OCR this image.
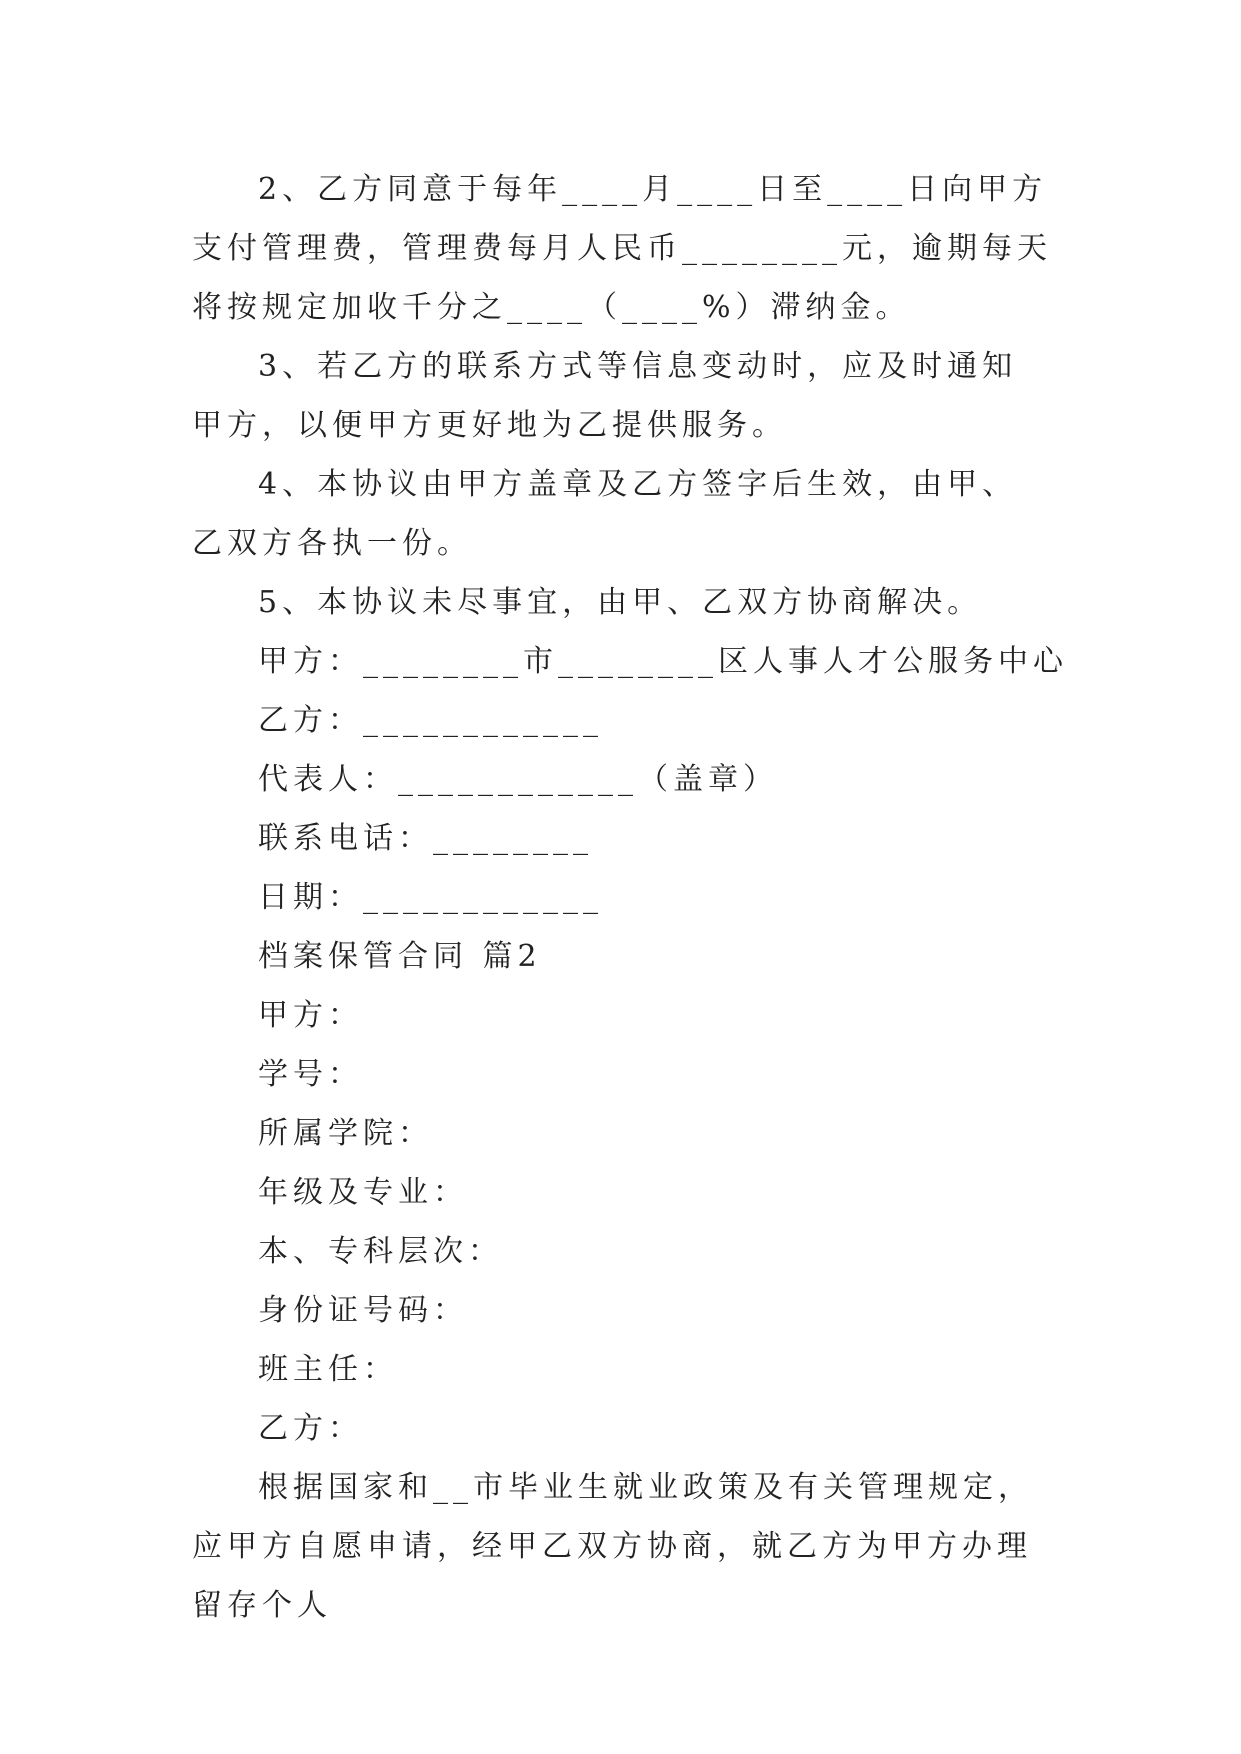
2、乙方同意于每年____月____日至____日向甲方支付管理费，管理费每月人民币________元，逾期每天将按规定加收千分之____（____%）滞纳金。

3、若乙方的联系方式等信息变动时，应及时通知甲方，以便甲方更好地为乙提供服务。

4、本协议由甲方盖章及乙方签字后生效，由甲、乙双方各执一份。

5、本协议未尽事宜，由甲、乙双方协商解决。

甲方：________市________区人事人才公服务中心

乙方：____________

代表人：____________（盖章）

联系电话：________

日期：____________

档案保管合同 篇2

甲方：

学号：

所属学院：

年级及专业：

本、专科层次：

身份证号码：

班主任：

乙方：

根据国家和__市毕业生就业政策及有关管理规定，应甲方自愿申请，经甲乙双方协商，就乙方为甲方办理留存个人
